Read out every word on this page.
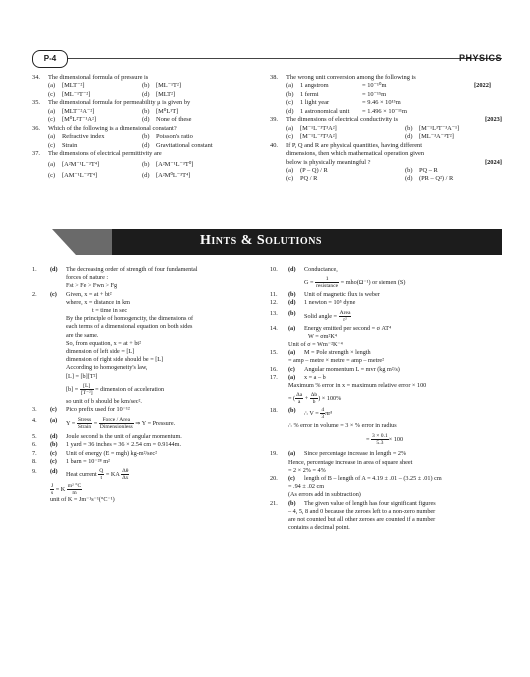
P-4	PHYSICS
34.	The dimensional formula of pressure is
(a)	[MLT⁻²]	(b)	[ML⁻¹T²]
(c)	[ML⁻¹T⁻²]	(d)	[MLT²]
35.	The dimensional formula for permeability μ is given by
(a)	[MLT⁻²A⁻²]	(b)	[M⁰L¹T]
(c)	[M⁰L²T⁻¹A²]	(d)	None of these
36.	Which of the following is a dimensional constant?
(a)	Refractive index	(b)	Poisson's ratio
(c)	Strain	(d)	Gravitational constant
37.	The dimensions of electrical permittivity are
(a)	[A²M⁻¹L⁻³T⁴]	(b)	[A²M⁻¹L⁻³T⁰]
(c)	[AM⁻¹L⁻³T⁴]	(d)	[A²M⁰L⁻³T⁴]
38.	The wrong unit conversion among the following is
(a)	1 angstrom	= 10⁻¹⁰m	[2022]
(b)	1 fermi	= 10⁻¹⁵m
(c)	1 light year	= 9.46 × 10¹⁵m
(d)	1 astronomical unit	= 1.496 × 10⁻¹¹m
39.	The dimensions of electrical conductivity is	[2023]
(a)	[M⁻¹L⁻³T³A²]	(b)	[M⁻¹L³T⁻³A⁻¹]
(c)	[M⁻¹L⁻³T³A²]	(d)	[ML⁻³A⁻³T²]
40.	If P, Q and R are physical quantities, having different
dimensions, then which mathematical operation given
below is physically meaningful ?	[2024]
(a)	(P – Q) / R	(b)	PQ – R
(c)	PQ / R	(d)	(PR – Q²) / R
Hints & Solutions
1.	(d)	The decreasing order of strength of four fundamental
forces of nature :
Fst > Fe > Fwn > Fg
2.	(c)	Given, x = at + bt²
where, x = distance in km
t = time in sec
By the principle of homogencity, the dimensions of
each terms of a dimensional equation on both sides
are the same.
So, from equation, x = at + bt²
dimension of left side = [L]
dimension of right side should be = [L]
According to homogeneity's law,
[L] = [b][T²]
$[b] = \frac{[L]}{\text{[T⁻²]}}$ = dimension of acceleration
so unit of b should be km/sec².
3.	(c)	Pico prefix used for 10⁻¹²
4.	(a)	$Y = \frac{\text{Stress}}{\text{Strain}} = \frac{\text{Force / Area}}{\text{Dimensionless}}$ ⇒ Y = Pressure.
5.	(d)	Joule second is the unit of angular momentum.
6.	(b)	1 yard = 36 inches = 36 × 2.54 cm = 0.9144m.
7.	(c)	Unit of energy (E = mgh) kg-m²/sec²
8.	(c)	1 barn = 10⁻²⁸ m²
9.	(d)	Heat current $\frac{Q}{t}$ = KA $\frac{\Delta\theta}{\Delta x}$
$\frac{J}{s} = K \frac{\text{m² °C}}{m}$
unit of K = Jm⁻¹s⁻¹(°C⁻¹)
10.	(d)	Conductance,
$G = \frac{1}{\text{resistance}} = mho(\Omega^{-1})$ or siemen (S)
11.	(b)	Unit of magnetic flux is weber
12.	(d)	1 newton = 10⁵ dyne
13.	(b)	Solid angle = $\frac{\text{Area}}{\text{r²}}$
14.	(a)	Energy emitted per second = σ AT⁴
W = σm²K⁴
Unit of σ = Wm⁻²K⁻⁴
15.	(a)	M = Pole strength × length
= amp – metre × metre = amp – metre²
16.	(c)	Angular momentum L = mvr (kg m²/s)
17.	(a)	x = a – b
Maximum % error in x = maximum relative error × 100
= ( $\frac{\Delta a}{a} + \frac{\Delta b}{b}$ ) × 100%
18.	(b)	∴ $V = \frac{4}{3} \pi r^3$
∴ % error in volume = 3 × % error in radius
= $\frac{3 \times 0.1}{5.3} \times 100$
19.	(a)	Since percentage increase in length = 2%
Hence, percentage increase in area of square sheet
= 2 × 2% = 4%
20.	(c)	length of B – length of A = 4.19 ± .01 – (3.25 ± .01) cm
= .94 ± .02 cm
(As errors add in subtraction)
21.	(b)	The given value of length has four significant figures
– 4, 5, 8 and 0 because the zeroes left to a non-zero number
are not counted but all other zeroes are counted if a number
contains a decimal point.
